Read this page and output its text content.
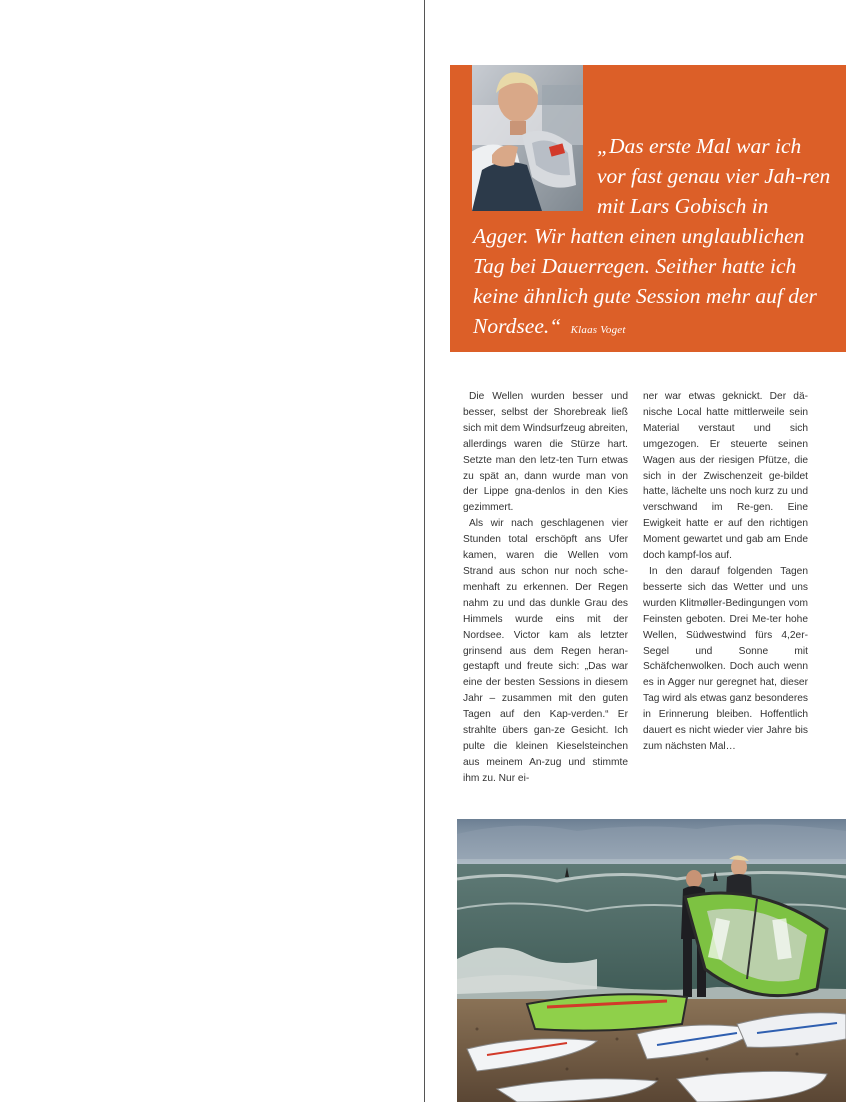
„Das erste Mal war ich vor fast genau vier Jah-ren mit Lars Gobisch in
Agger. Wir hatten einen unglaublichen Tag bei Dauerregen. Seither hatte ich keine ähnlich gute Session mehr auf der Nordsee.“ Klaas Voget

Die Wellen wurden besser und besser, selbst der Shorebreak ließ sich mit dem Windsurfzeug abreiten, allerdings waren die Stürze hart. Setzte man den letz-ten Turn etwas zu spät an, dann wurde man von der Lippe gna-denlos in den Kies gezimmert.

Als wir nach geschlagenen vier Stunden total erschöpft ans Ufer kamen, waren die Wellen vom Strand aus schon nur noch sche-menhaft zu erkennen. Der Regen nahm zu und das dunkle Grau des Himmels wurde eins mit der Nordsee. Victor kam als letzter grinsend aus dem Regen heran-gestapft und freute sich: „Das war eine der besten Sessions in diesem Jahr – zusammen mit den guten Tagen auf den Kap-verden.“ Er strahlte übers gan-ze Gesicht. Ich pulte die kleinen Kieselsteinchen aus meinem An-zug und stimmte ihm zu. Nur ei-

ner war etwas geknickt. Der dä-nische Local hatte mittlerweile sein Material verstaut und sich umgezogen. Er steuerte seinen Wagen aus der riesigen Pfütze, die sich in der Zwischenzeit ge-bildet hatte, lächelte uns noch kurz zu und verschwand im Re-gen. Eine Ewigkeit hatte er auf den richtigen Moment gewartet und gab am Ende doch kampf-los auf.

In den darauf folgenden Tagen besserte sich das Wetter und uns wurden Klitmøller-Bedingungen vom Feinsten geboten. Drei Me-ter hohe Wellen, Südwestwind fürs 4,2er-Segel und Sonne mit Schäfchenwolken. Doch auch wenn es in Agger nur geregnet hat, dieser Tag wird als etwas ganz besonderes in Erinnerung bleiben. Hoffentlich dauert es nicht wieder vier Jahre bis zum nächsten Mal…
